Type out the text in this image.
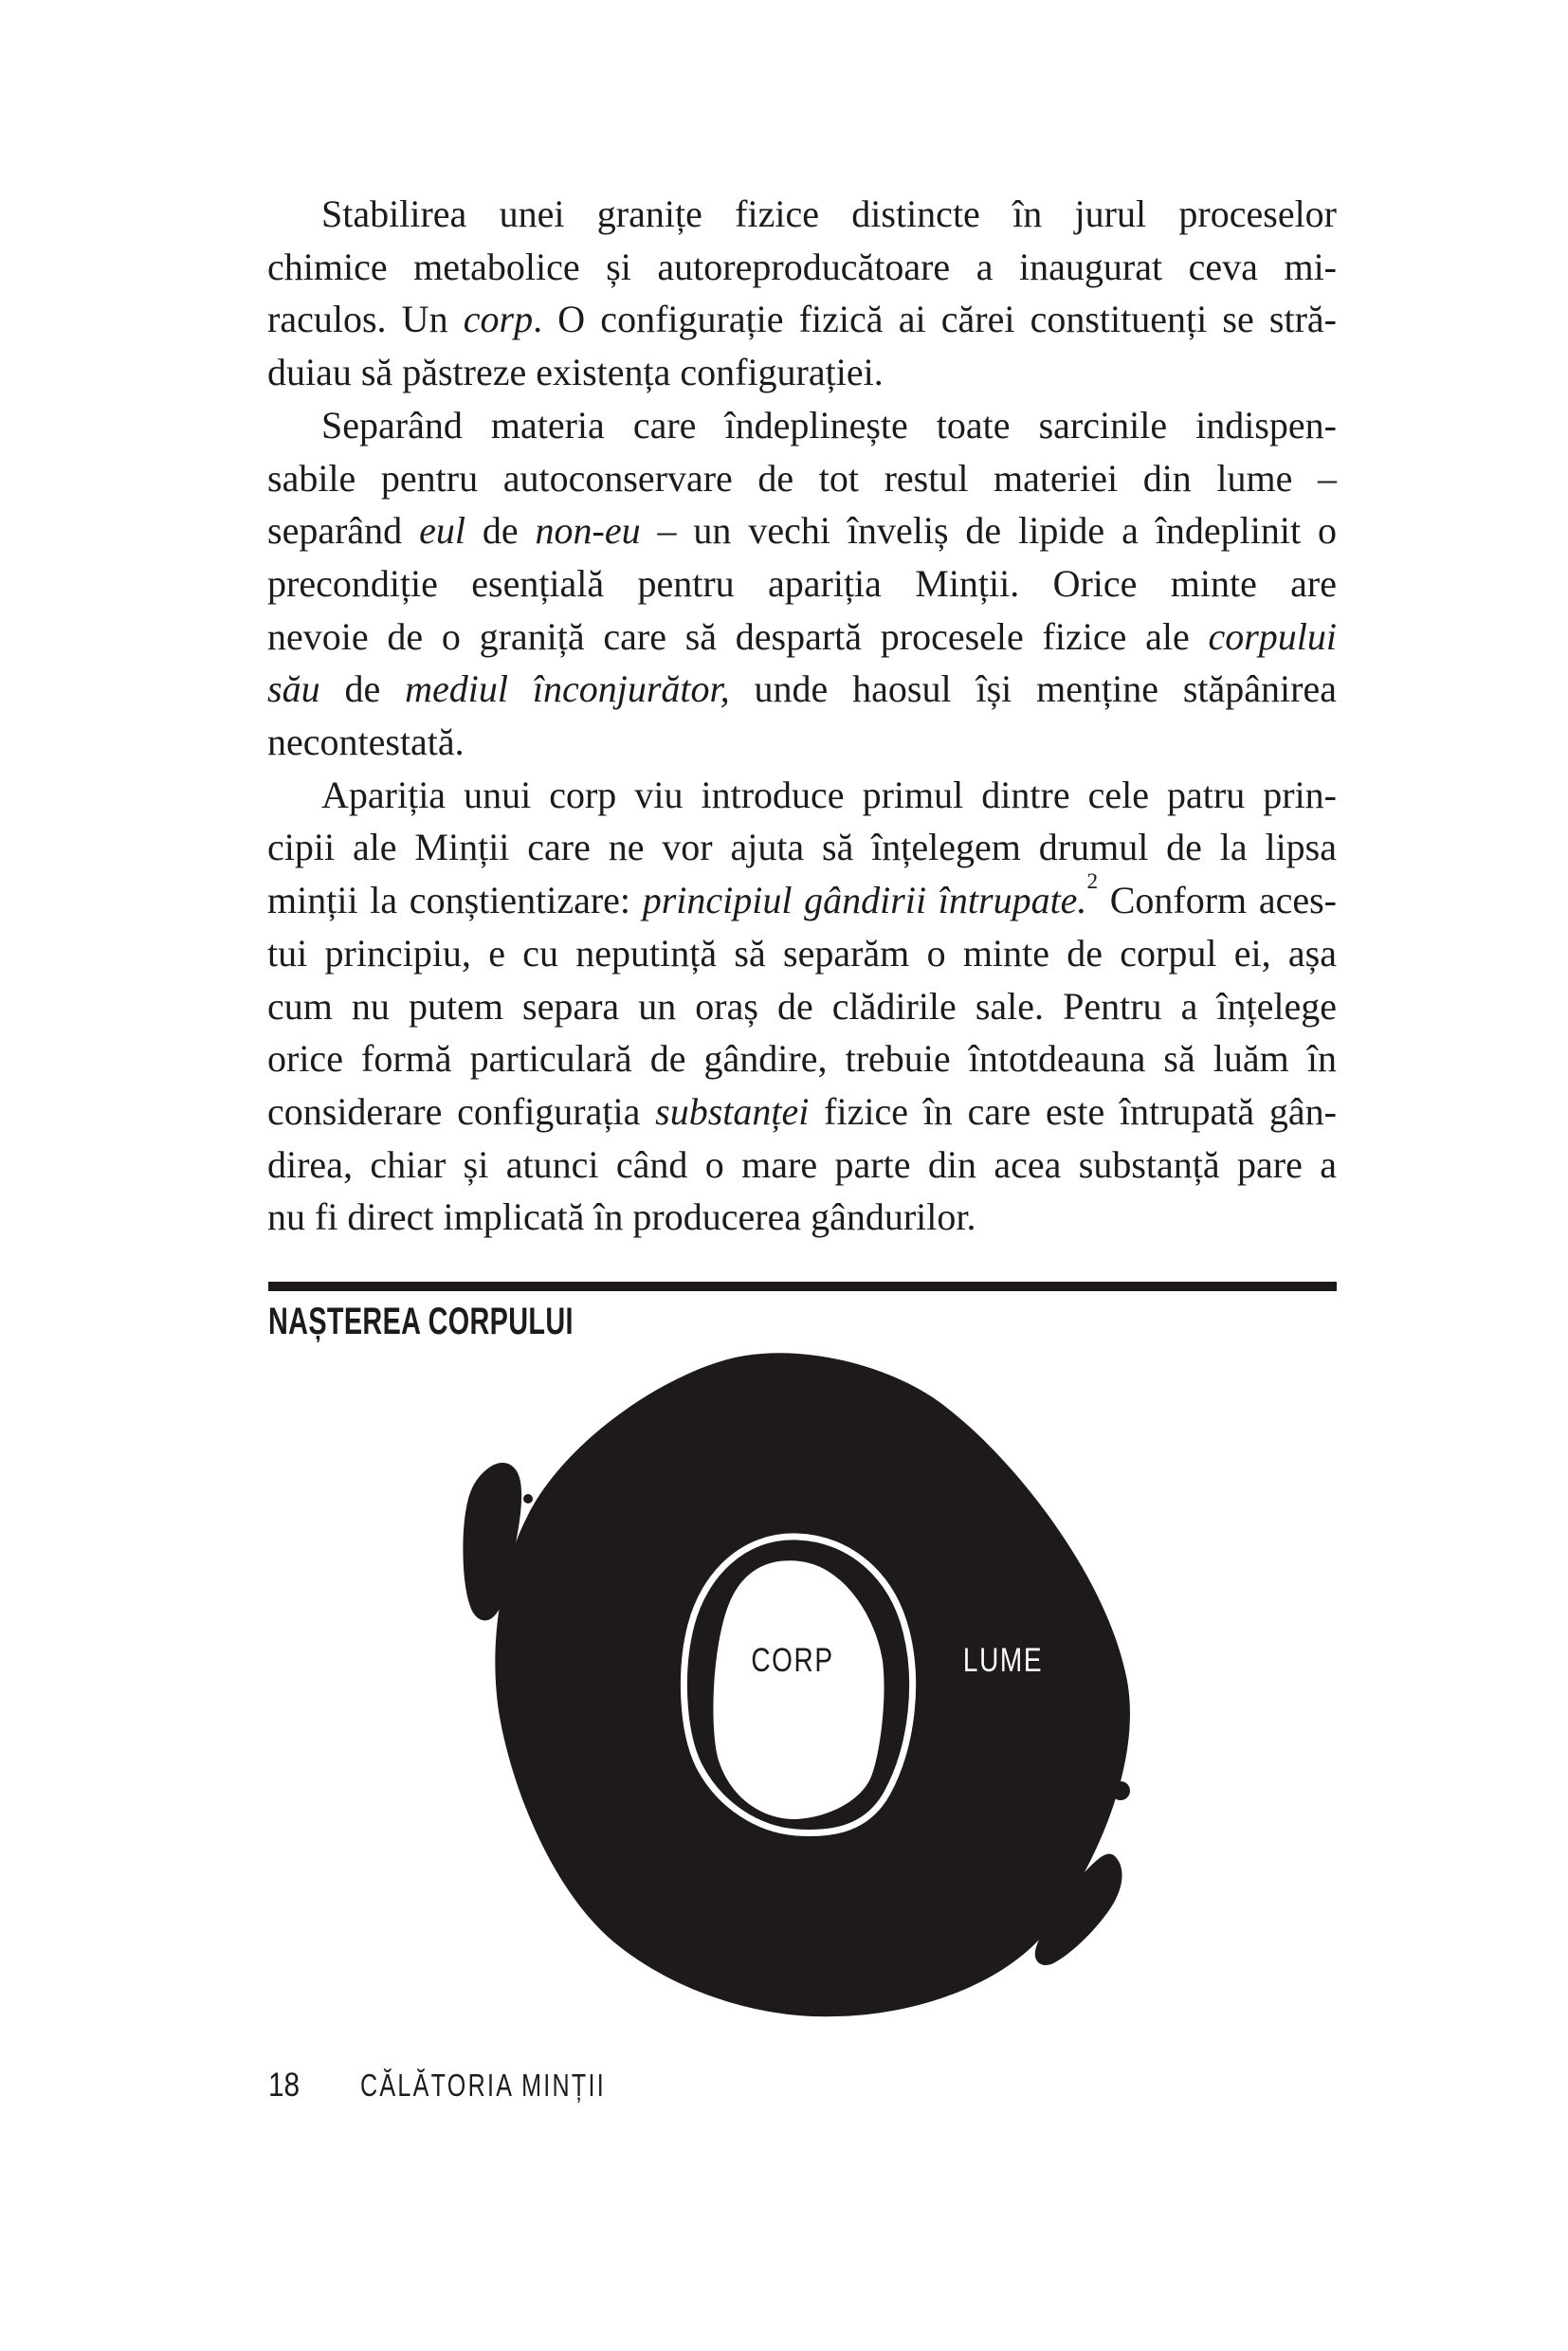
Stabilirea unei granițe fizice distincte în jurul proceselor
chimice metabolice și autoreproducătoare a inaugurat ceva mi-
raculos. Un corp. O configurație fizică ai cărei constituenți se stră-
duiau să păstreze existența configurației.
Separând materia care îndeplinește toate sarcinile indispen-
sabile pentru autoconservare de tot restul materiei din lume –
separând eul de non-eu – un vechi înveliș de lipide a îndeplinit o
precondiție esențială pentru apariția Minții. Orice minte are
nevoie de o graniță care să despartă procesele fizice ale corpului
său de mediul înconjurător, unde haosul își menține stăpânirea
necontestată.
Apariția unui corp viu introduce primul dintre cele patru prin-
cipii ale Minții care ne vor ajuta să înțelegem drumul de la lipsa
minții la conștientizare: principiul gândirii întrupate.$^2$ Conform aces-
tui principiu, e cu neputință să separăm o minte de corpul ei, așa
cum nu putem separa un oraș de clădirile sale. Pentru a înțelege
orice formă particulară de gândire, trebuie întotdeauna să luăm în
considerare configurația substanței fizice în care este întrupată gân-
direa, chiar și atunci când o mare parte din acea substanță pare a
nu fi direct implicată în producerea gândurilor.
NAȘTEREA CORPULUI
CORP	LUME
18 CĂLĂTORIA MINȚII
